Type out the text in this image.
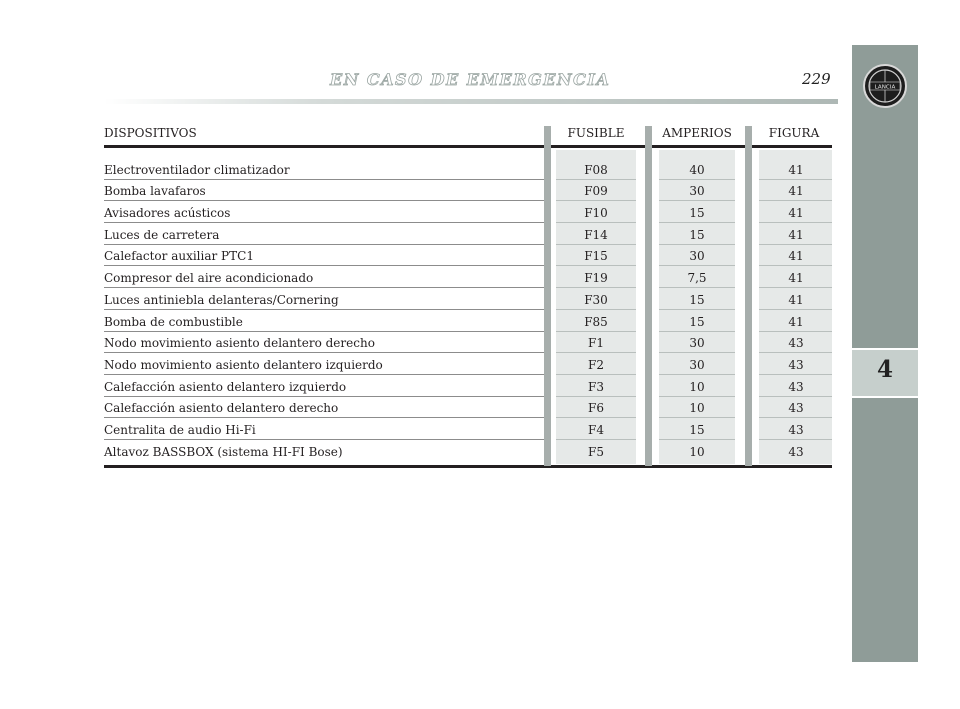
LANCIA
4
EN CASO DE EMERGENCIA	229
DISPOSITIVOS	FUSIBLE	AMPERIOS	FIGURA
Electroventilador climatizador	F08	40	41
Bomba lavafaros	F09	30	41
Avisadores acústicos	F10	15	41
Luces de carretera	F14	15	41
Calefactor auxiliar PTC1	F15	30	41
Compresor del aire acondicionado	F19	7,5	41
Luces antiniebla delanteras/Cornering	F30	15	41
Bomba de combustible	F85	15	41
Nodo movimiento asiento delantero derecho	F1	30	43
Nodo movimiento asiento delantero izquierdo	F2	30	43
Calefacción asiento delantero izquierdo	F3	10	43
Calefacción asiento delantero derecho	F6	10	43
Centralita de audio Hi-Fi	F4	15	43
Altavoz BASSBOX (sistema HI-FI Bose)	F5	10	43
